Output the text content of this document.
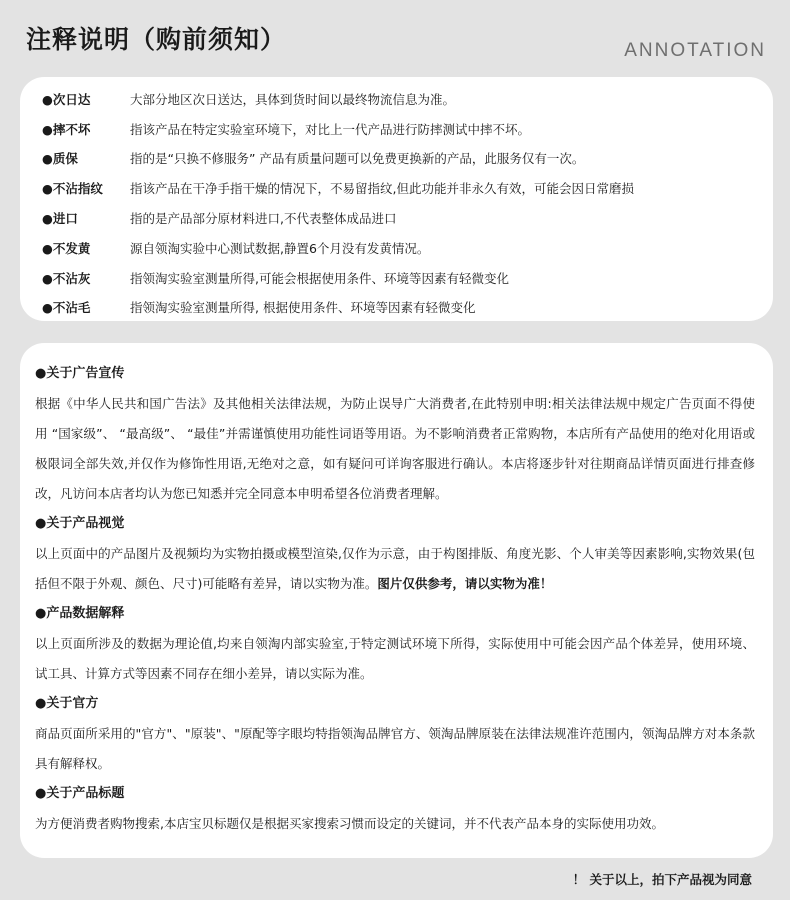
注释说明（购前须知）	ANNOTATION
●次日达	大部分地区次日送达，具体到货时间以最终物流信息为准。
●摔不坏	指该产品在特定实验室环境下，对比上一代产品进行防摔测试中摔不坏。
●质保	指的是“只换不修服务” 产品有质量问题可以免费更换新的产品，此服务仅有一次。
●不沾指纹	指该产品在干净手指干燥的情况下，不易留指纹,但此功能并非永久有效，可能会因日常磨损
●进口	指的是产品部分原材料进口,不代表整体成品进口
●不发黄	源自领淘实验中心测试数据,静置6个月没有发黄情况。
●不沾灰	指领淘实验室测量所得,可能会根据使用条件、环境等因素有轻微变化
●不沾毛	指领淘实验室测量所得, 根据使用条件、环境等因素有轻微变化
●关于广告宣传
根据《中华人民共和国广告法》及其他相关法律法规，为防止误导广大消费者,在此特别申明:相关法律法规中规定广告页面不得使用 “国家级”、 “最高级”、 “最佳”并需谨慎使用功能性词语等用语。为不影响消费者正常购物，本店所有产品使用的绝对化用语或极限词全部失效,并仅作为修饰性用语,无绝对之意，如有疑问可详询客服进行确认。本店将逐步针对往期商品详情页面进行排查修改，凡访问本店者均认为您已知悉并完全同意本申明希望各位消费者理解。
●关于产品视觉
以上页面中的产品图片及视频均为实物拍摄或模型渲染,仅作为示意，由于构图排版、角度光影、个人审美等因素影响,实物效果(包括但不限于外观、颜色、尺寸)可能略有差异，请以实物为准。图片仅供参考，请以实物为准！
●产品数据解释
以上页面所涉及的数据为理论值,均来自领淘内部实验室,于特定测试环境下所得，实际使用中可能会因产品个体差异，使用环境、试工具、计算方式等因素不同存在细小差异，请以实际为准。
●关于官方
商品页面所采用的"官方"、"原装"、"原配等字眼均特指领淘品牌官方、领淘品牌原装在法律法规准许范围内，领淘品牌方对本条款具有解释权。
●关于产品标题
为方便消费者购物搜索,本店宝贝标题仅是根据买家搜索习惯而设定的关键词，并不代表产品本身的实际使用功效。
！ 关于以上，拍下产品视为同意
